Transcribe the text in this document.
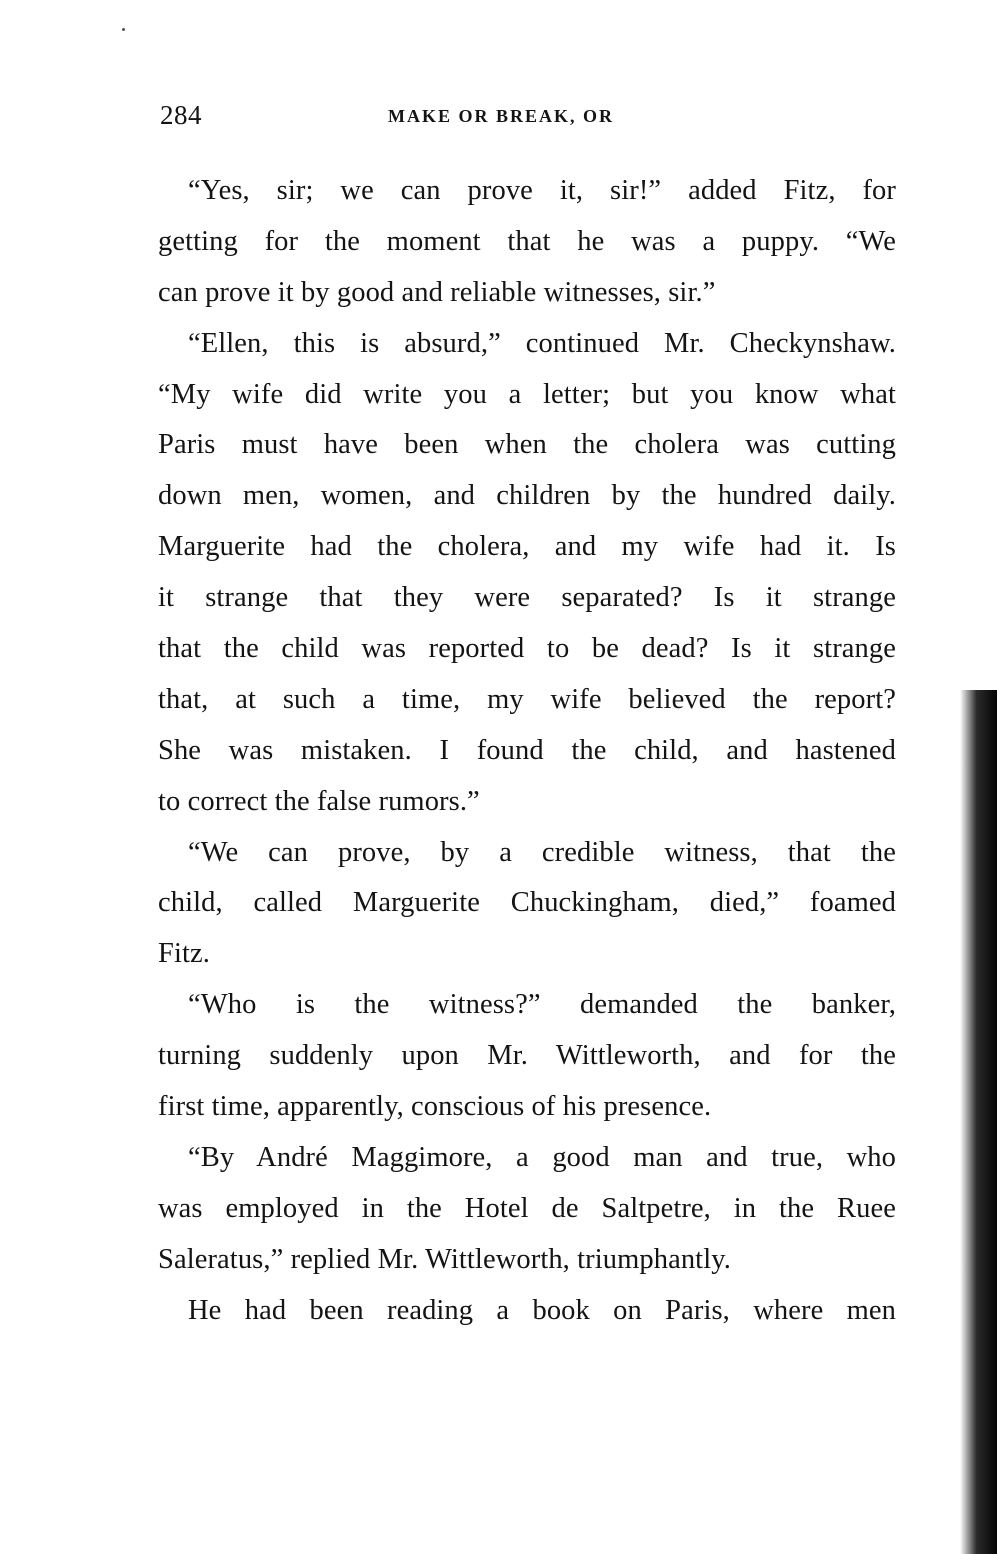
284	MAKE OR BREAK, OR
“Yes, sir; we can prove it, sir!” added Fitz, for
getting for the moment that he was a puppy. “We
can prove it by good and reliable witnesses, sir.”
“Ellen, this is absurd,” continued Mr. Checkynshaw.
“My wife did write you a letter; but you know what
Paris must have been when the cholera was cutting
down men, women, and children by the hundred daily.
Marguerite had the cholera, and my wife had it. Is
it strange that they were separated? Is it strange
that the child was reported to be dead? Is it strange
that, at such a time, my wife believed the report?
She was mistaken. I found the child, and hastened
to correct the false rumors.”
“We can prove, by a credible witness, that the
child, called Marguerite Chuckingham, died,” foamed
Fitz.
“Who is the witness?” demanded the banker,
turning suddenly upon Mr. Wittleworth, and for the
first time, apparently, conscious of his presence.
“By André Maggimore, a good man and true, who
was employed in the Hotel de Saltpetre, in the Ruee
Saleratus,” replied Mr. Wittleworth, triumphantly.
He had been reading a book on Paris, where men
